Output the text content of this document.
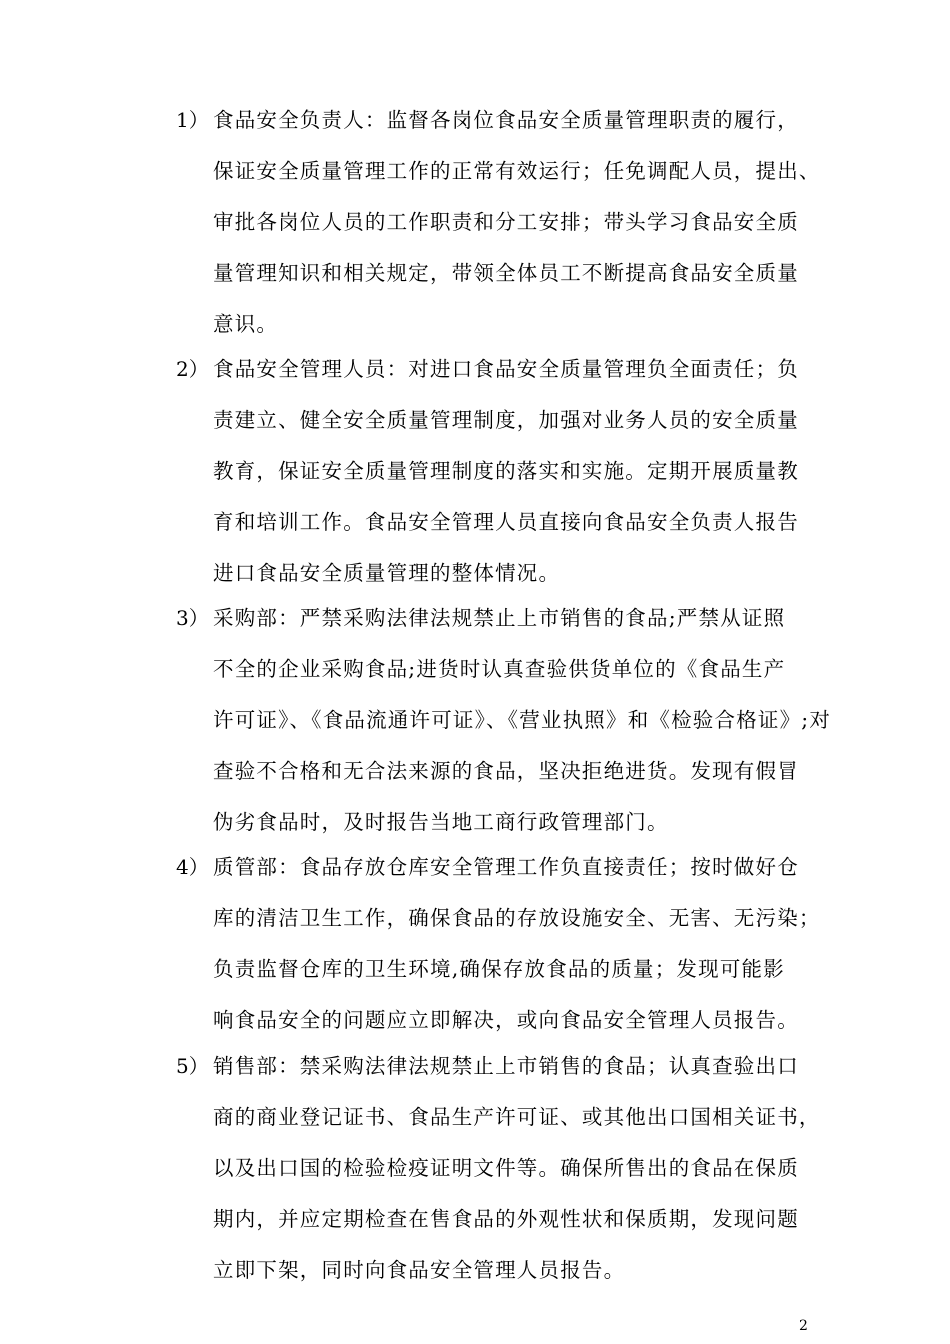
1） 食品安全负责人：监督各岗位食品安全质量管理职责的履行，
保证安全质量管理工作的正常有效运行；任免调配人员，提出、
审批各岗位人员的工作职责和分工安排；带头学习食品安全质
量管理知识和相关规定，带领全体员工不断提高食品安全质量
意识。
2） 食品安全管理人员：对进口食品安全质量管理负全面责任；负
责建立、健全安全质量管理制度，加强对业务人员的安全质量
教育，保证安全质量管理制度的落实和实施。定期开展质量教
育和培训工作。食品安全管理人员直接向食品安全负责人报告
进口食品安全质量管理的整体情况。
3） 采购部：严禁采购法律法规禁止上市销售的食品;严禁从证照
不全的企业采购食品;进货时认真查验供货单位的《食品生产
许可证》、《食品流通许可证》、《营业执照》和《检验合格证》;对
查验不合格和无合法来源的食品，坚决拒绝进货。发现有假冒
伪劣食品时，及时报告当地工商行政管理部门。
4） 质管部：食品存放仓库安全管理工作负直接责任；按时做好仓
库的清洁卫生工作，确保食品的存放设施安全、无害、无污染；
负责监督仓库的卫生环境,确保存放食品的质量；发现可能影
响食品安全的问题应立即解决，或向食品安全管理人员报告。
5） 销售部：禁采购法律法规禁止上市销售的食品；认真查验出口
商的商业登记证书、食品生产许可证、或其他出口国相关证书，
以及出口国的检验检疫证明文件等。确保所售出的食品在保质
期内，并应定期检查在售食品的外观性状和保质期，发现问题
立即下架，同时向食品安全管理人员报告。
2
